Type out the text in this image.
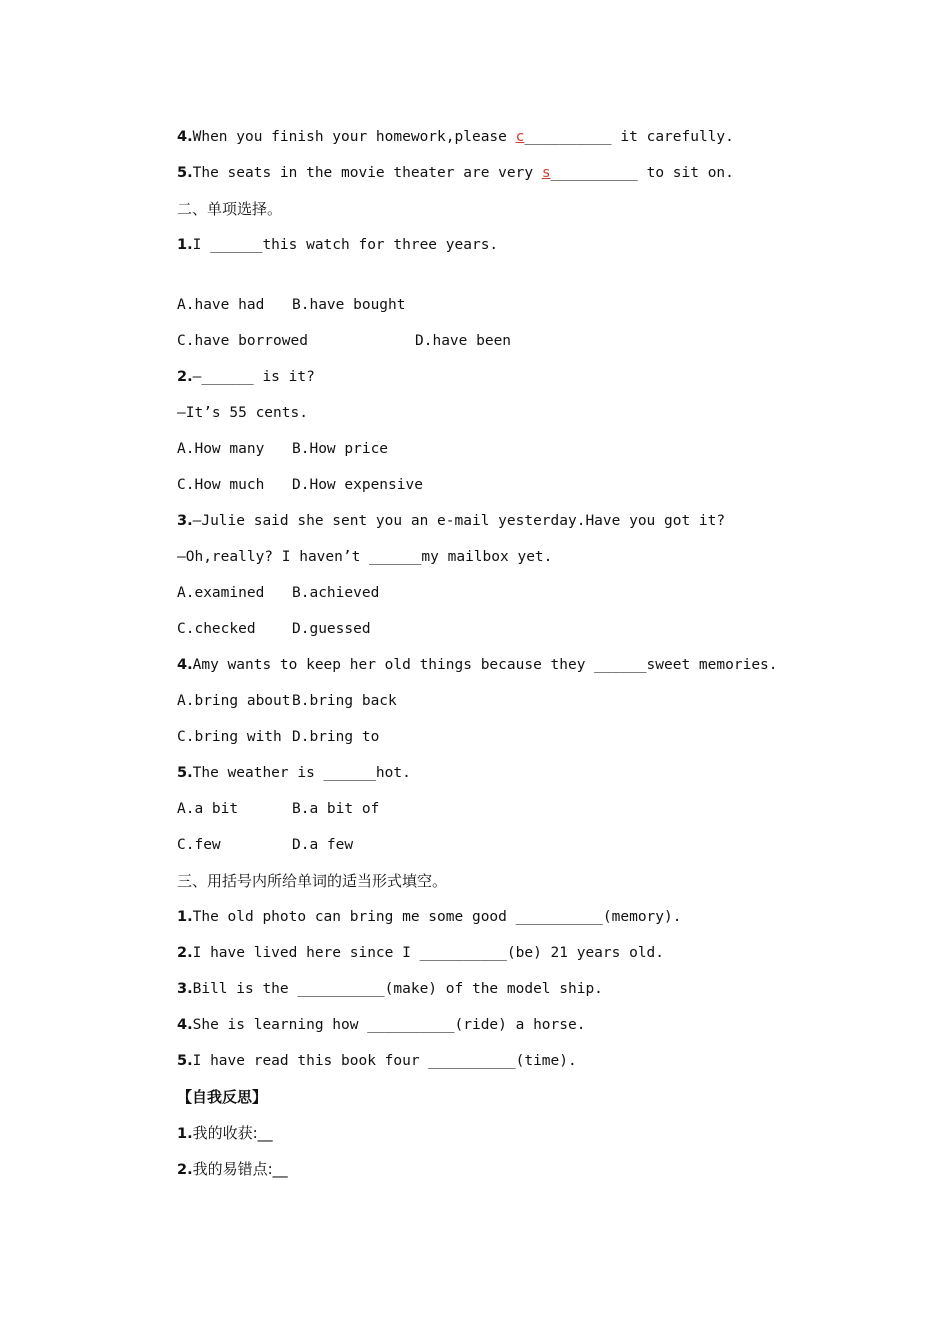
4.When you finish your homework,please c__________ it carefully.
5.The seats in the movie theater are very s__________ to sit on.
二、单项选择。
1.I ______this watch for three years.
A.have had B.have bought
C.have borrowed	D.have been
2.—______ is it?
—It’s 55 cents.
A.How many B.How price
C.How much D.How expensive
3.—Julie said she sent you an e-mail yesterday.Have you got it?
—Oh,really? I haven’t ______my mailbox yet.
A.examined B.achieved
C.checked	D.guessed
4.Amy wants to keep her old things because they ______sweet memories.
A.bring about B.bring back
C.bring with D.bring to
5.The weather is ______hot.
A.a bit	B.a bit of
C.few	D.a few
三、用括号内所给单词的适当形式填空。
1.The old photo can bring me some good __________(memory).
2.I have lived here since I __________(be) 21 years old.
3.Bill is the __________(make) of the model ship.
4.She is learning how __________(ride) a horse.
5.I have read this book four __________(time).
【自我反思】
1.我的收获:__
2.我的易错点:__
